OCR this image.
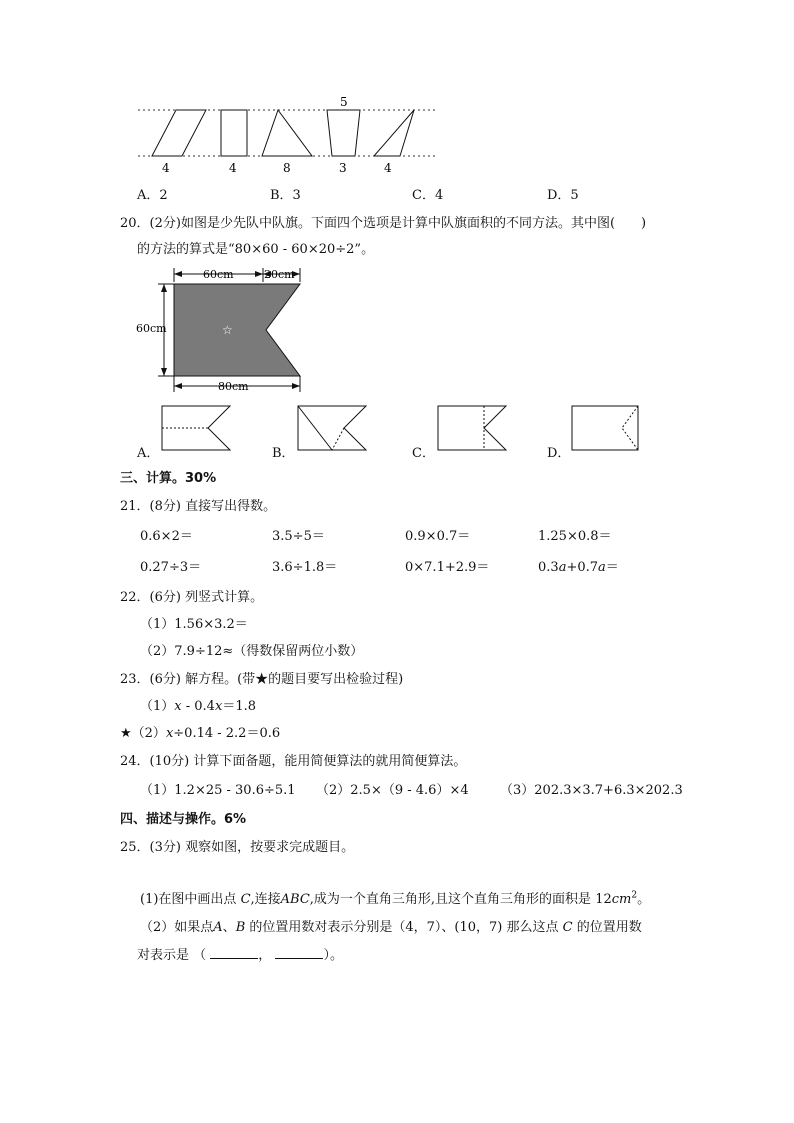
5
4	4	8	3	4
A．2	B．3	C．4	D．5
20．(2分)如图是少先队中队旗。下面四个选项是计算中队旗面积的不同方法。其中图(　　)
的方法的算式是“80×60 - 60×20÷2”。
60cm	20cm
60cm	☆
80cm
A．	B．	C．	D．
三、计算。30%
21．(8分) 直接写出得数。
0.6×2＝	3.5÷5＝	0.9×0.7＝	1.25×0.8＝
0.27÷3＝	3.6÷1.8＝	0×7.1+2.9＝	0.3a+0.7a＝
22．(6分) 列竖式计算。
（1）1.56×3.2＝
（2）7.9÷12≈（得数保留两位小数）
23．(6分) 解方程。(带★的题目要写出检验过程)
（1）x - 0.4x＝1.8
★（2）x÷0.14 - 2.2＝0.6
24．(10分) 计算下面备题，能用简便算法的就用简便算法。
（1）1.2×25 - 30.6÷5.1 （2）2.5×（9 - 4.6）×4 （3）202.3×3.7+6.3×202.3
四、描述与操作。6%
25．(3分) 观察如图，按要求完成题目。
(1)在图中画出点 C,连接ABC,成为一个直角三角形,且这个直角三角形的面积是 $12cm^2$。
（2）如果点A、B 的位置用数对表示分别是（4，7）、(10，7) 那么这点 C 的位置用数
对表示是 （	，	）。
